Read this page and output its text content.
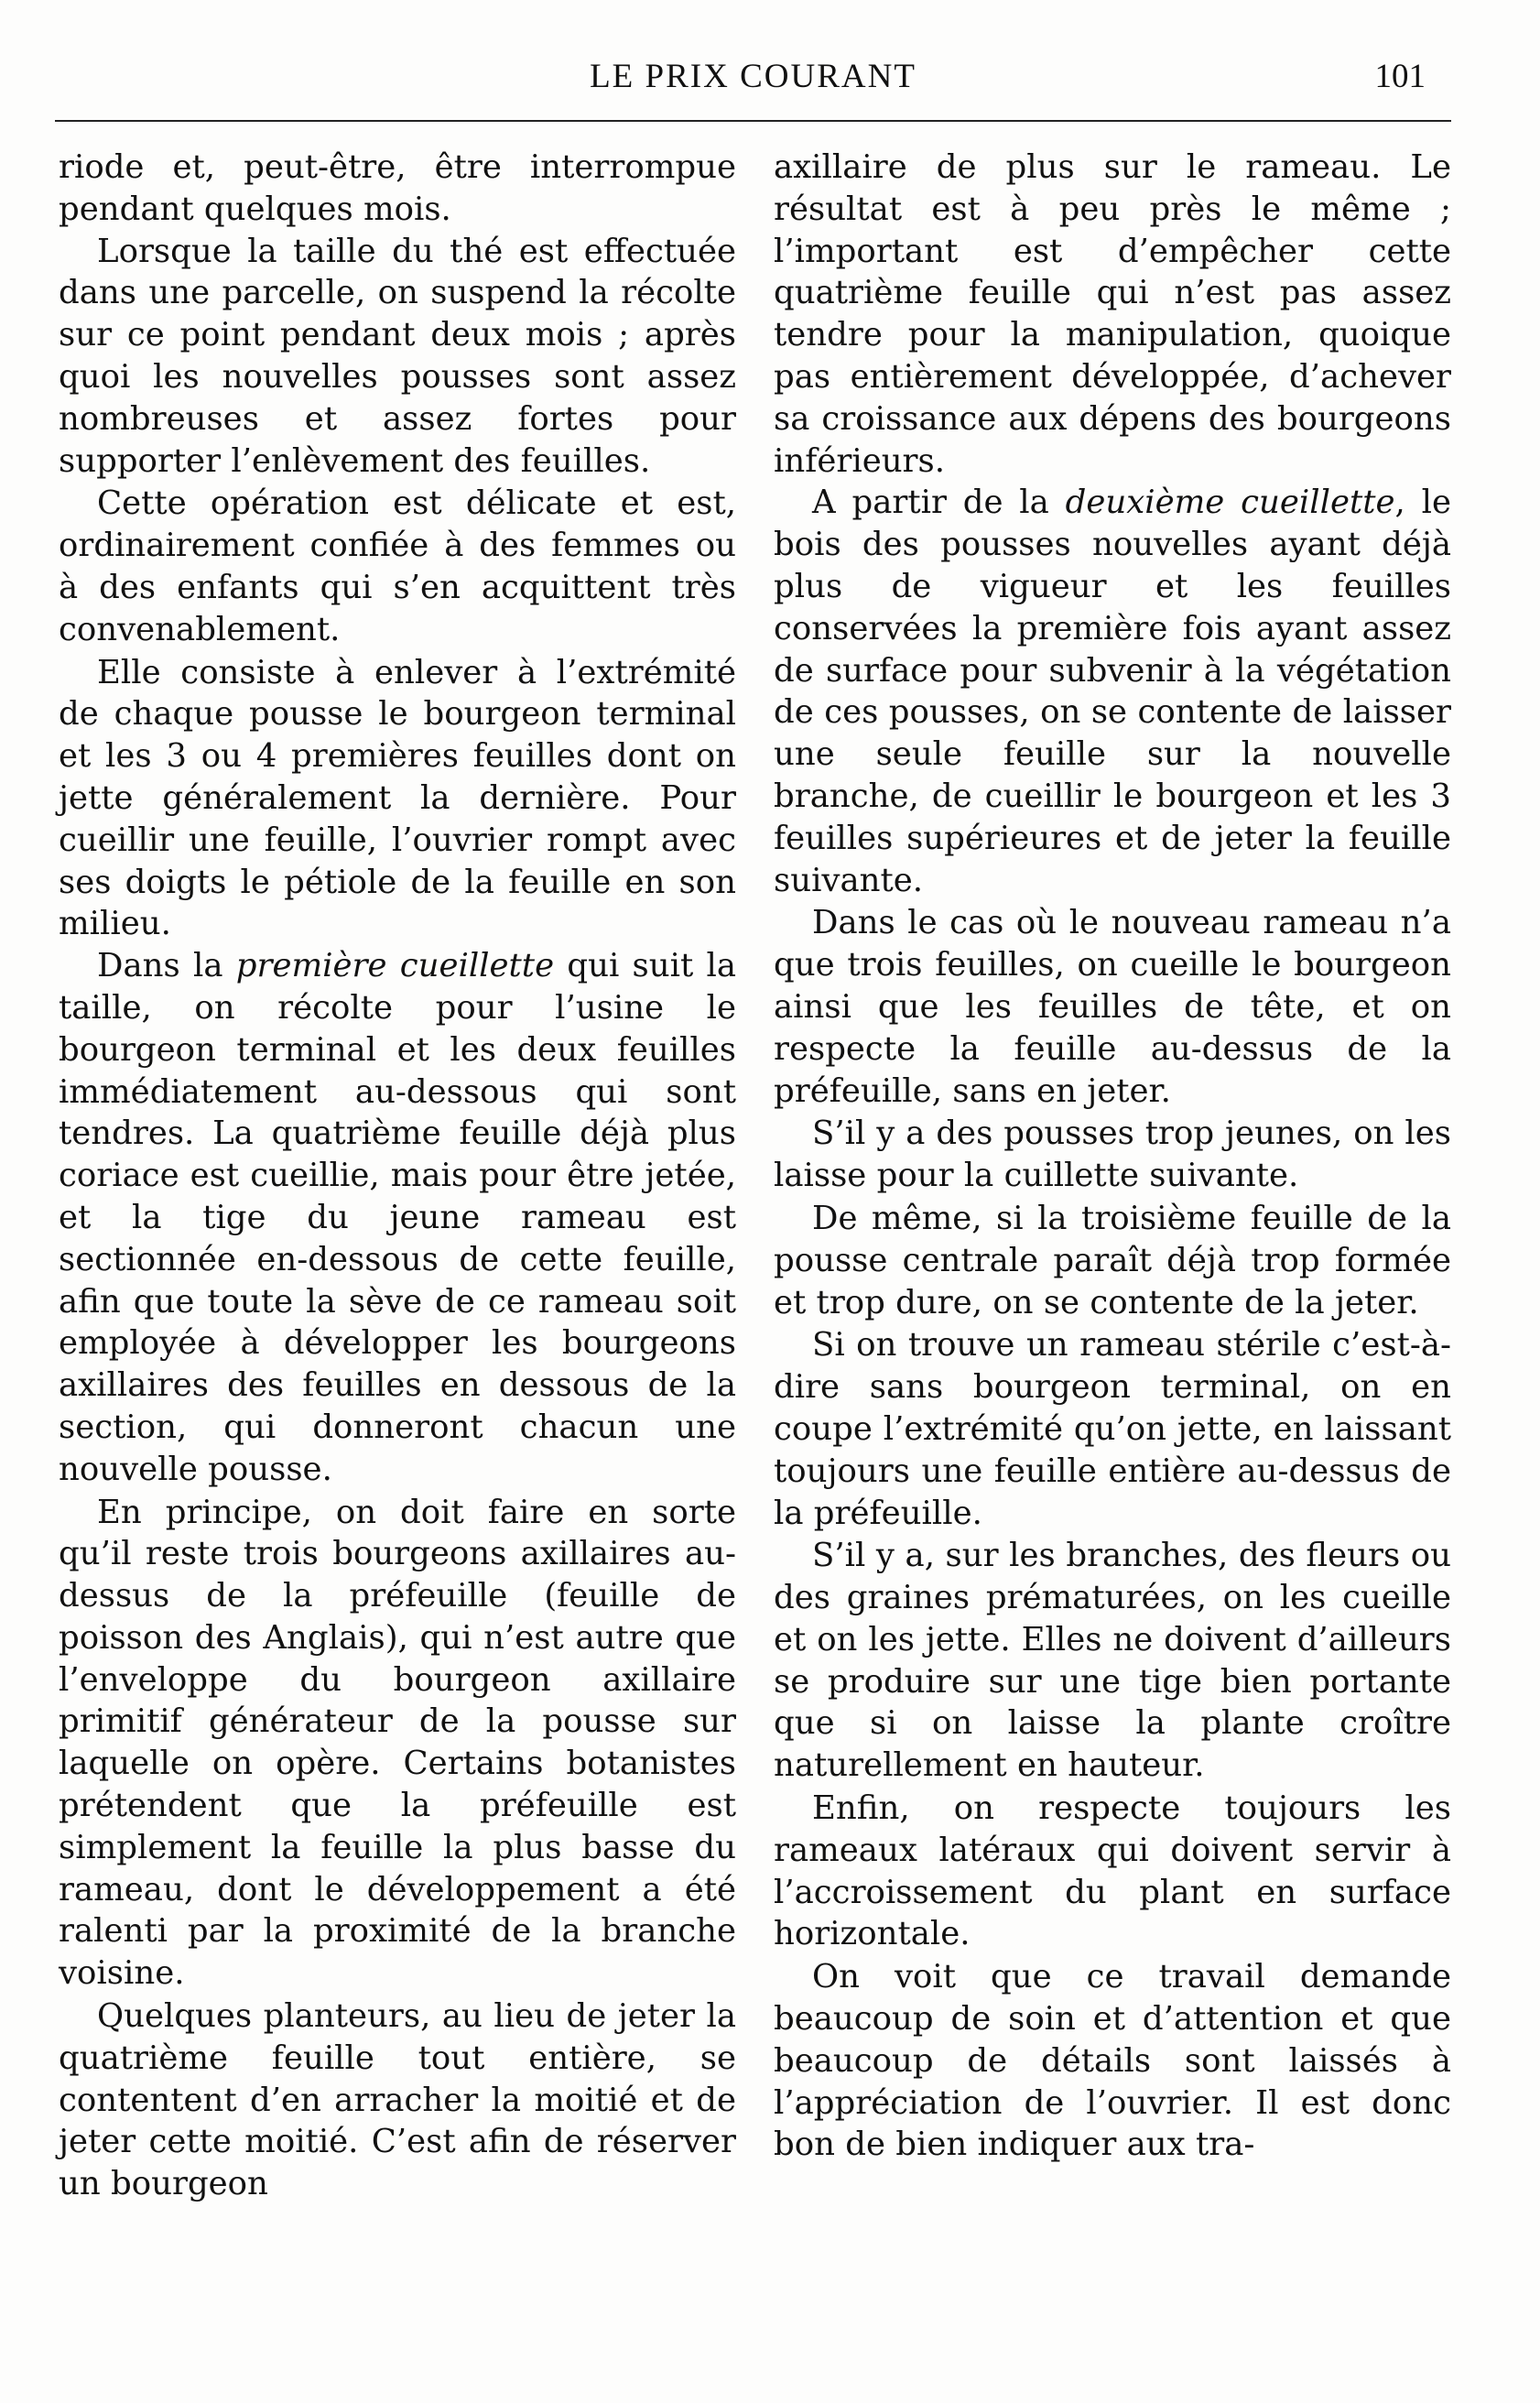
LE PRIX COURANT	101

riode et, peut-être, être interrompue pendant quelques mois.

Lorsque la taille du thé est effectuée dans une parcelle, on suspend la récolte sur ce point pendant deux mois ; après quoi les nouvelles pousses sont assez nombreuses et assez fortes pour supporter l’enlèvement des feuilles.

Cette opération est délicate et est, ordinairement confiée à des femmes ou à des enfants qui s’en acquittent très convenablement.

Elle consiste à enlever à l’extrémité de chaque pousse le bourgeon terminal et les 3 ou 4 premières feuilles dont on jette généralement la dernière. Pour cueillir une feuille, l’ouvrier rompt avec ses doigts le pétiole de la feuille en son milieu.

Dans la première cueillette qui suit la taille, on récolte pour l’usine le bourgeon terminal et les deux feuilles immédiatement au-dessous qui sont tendres. La quatrième feuille déjà plus coriace est cueillie, mais pour être jetée, et la tige du jeune rameau est sectionnée en-dessous de cette feuille, afin que toute la sève de ce rameau soit employée à développer les bourgeons axillaires des feuilles en dessous de la section, qui donneront chacun une nouvelle pousse.

En principe, on doit faire en sorte qu’il reste trois bourgeons axillaires au-dessus de la préfeuille (feuille de poisson des Anglais), qui n’est autre que l’enveloppe du bourgeon axillaire primitif générateur de la pousse sur laquelle on opère. Certains botanistes prétendent que la préfeuille est simplement la feuille la plus basse du rameau, dont le développement a été ralenti par la proximité de la branche voisine.

Quelques planteurs, au lieu de jeter la quatrième feuille tout entière, se contentent d’en arracher la moitié et de jeter cette moitié. C’est afin de réserver un bourgeon

axillaire de plus sur le rameau. Le résultat est à peu près le même ; l’important est d’empêcher cette quatrième feuille qui n’est pas assez tendre pour la manipulation, quoique pas entièrement développée, d’achever sa croissance aux dépens des bourgeons inférieurs.

A partir de la deuxième cueillette, le bois des pousses nouvelles ayant déjà plus de vigueur et les feuilles conservées la première fois ayant assez de surface pour subvenir à la végétation de ces pousses, on se contente de laisser une seule feuille sur la nouvelle branche, de cueillir le bourgeon et les 3 feuilles supérieures et de jeter la feuille suivante.

Dans le cas où le nouveau rameau n’a que trois feuilles, on cueille le bourgeon ainsi que les feuilles de tête, et on respecte la feuille au-dessus de la préfeuille, sans en jeter.

S’il y a des pousses trop jeunes, on les laisse pour la cuillette suivante.

De même, si la troisième feuille de la pousse centrale paraît déjà trop formée et trop dure, on se contente de la jeter.

Si on trouve un rameau stérile c’est-à-dire sans bourgeon terminal, on en coupe l’extrémité qu’on jette, en laissant toujours une feuille entière au-dessus de la préfeuille.

S’il y a, sur les branches, des fleurs ou des graines prématurées, on les cueille et on les jette. Elles ne doivent d’ailleurs se produire sur une tige bien portante que si on laisse la plante croître naturellement en hauteur.

Enfin, on respecte toujours les rameaux latéraux qui doivent servir à l’accroissement du plant en surface horizontale.

On voit que ce travail demande beaucoup de soin et d’attention et que beaucoup de détails sont laissés à l’appréciation de l’ouvrier. Il est donc bon de bien indiquer aux tra-
